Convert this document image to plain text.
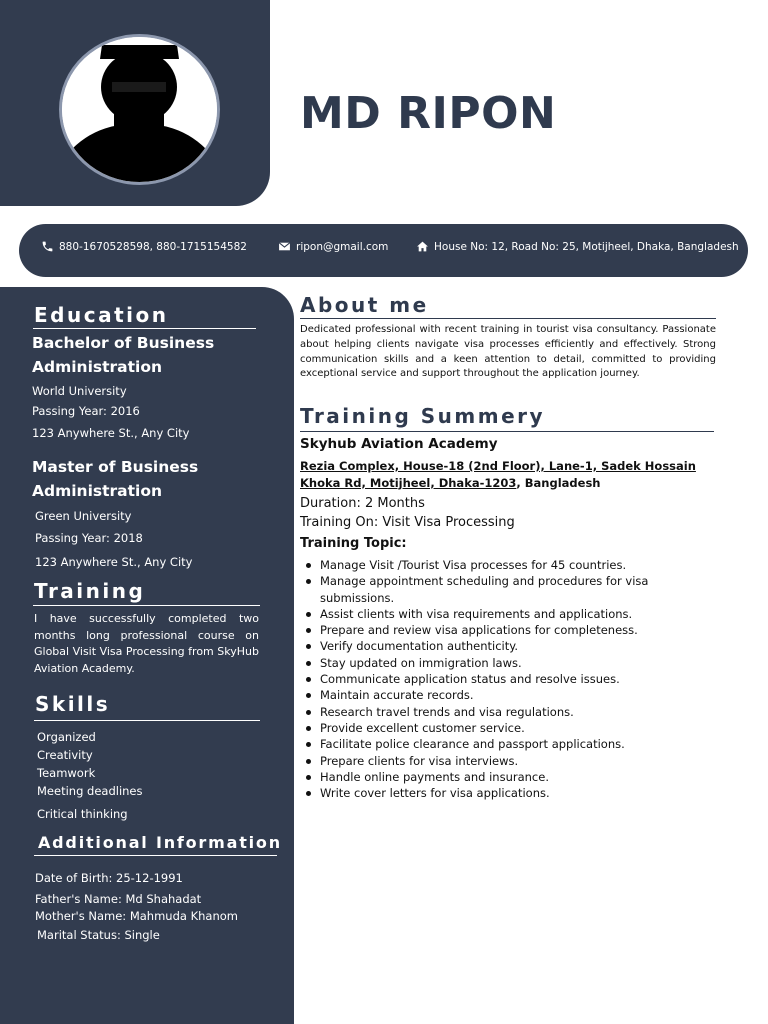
MD RIPON
880-1670528598, 880-1715154582	ripon@gmail.com	House No: 12, Road No: 25, Motijheel, Dhaka, Bangladesh
Education
Bachelor of Business Administration
World University
Passing Year: 2016
123 Anywhere St., Any City
Master of Business Administration
Green University
Passing Year: 2018
123 Anywhere St., Any City
Training
I have successfully completed two months long professional course on Global Visit Visa Processing from SkyHub Aviation Academy.
Skills
Organized
Creativity
Teamwork
Meeting deadlines
Critical thinking
Additional Information
Date of Birth: 25-12-1991
Father's Name: Md Shahadat
Mother's Name: Mahmuda Khanom
Marital Status: Single
About me
Dedicated professional with recent training in tourist visa consultancy. Passionate about helping clients navigate visa processes efficiently and effectively. Strong communication skills and a keen attention to detail, committed to providing exceptional service and support throughout the application journey.
Training Summery
Skyhub Aviation Academy
Rezia Complex, House-18 (2nd Floor), Lane-1, Sadek Hossain Khoka Rd, Motijheel, Dhaka-1203, Bangladesh
Duration: 2 Months
Training On: Visit Visa Processing
Training Topic:
Manage Visit /Tourist Visa processes for 45 countries.
Manage appointment scheduling and procedures for visa submissions.
Assist clients with visa requirements and applications.
Prepare and review visa applications for completeness.
Verify documentation authenticity.
Stay updated on immigration laws.
Communicate application status and resolve issues.
Maintain accurate records.
Research travel trends and visa regulations.
Provide excellent customer service.
Facilitate police clearance and passport applications.
Prepare clients for visa interviews.
Handle online payments and insurance.
Write cover letters for visa applications.
